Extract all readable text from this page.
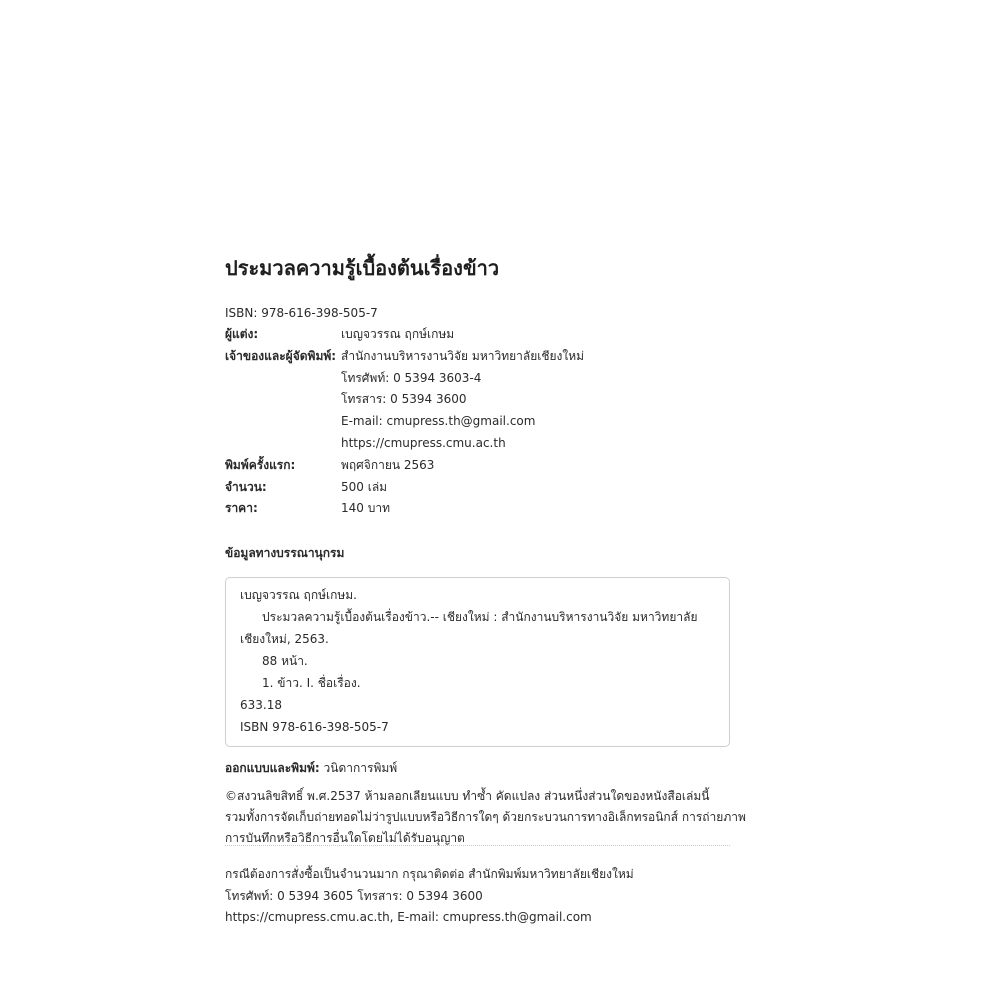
ประมวลความรู้เบื้องต้นเรื่องข้าว
ISBN: 978-616-398-505-7
ผู้แต่ง:	เบญจวรรณ ฤกษ์เกษม
เจ้าของและผู้จัดพิมพ์: สำนักงานบริหารงานวิจัย มหาวิทยาลัยเชียงใหม่
โทรศัพท์: 0 5394 3603-4
โทรสาร: 0 5394 3600
E-mail: cmupress.th@gmail.com
https://cmupress.cmu.ac.th
พิมพ์ครั้งแรก:	พฤศจิกายน 2563
จำนวน:	500 เล่ม
ราคา:	140 บาท
ข้อมูลทางบรรณานุกรม
เบญจวรรณ ฤกษ์เกษม.
ประมวลความรู้เบื้องต้นเรื่องข้าว.-- เชียงใหม่ : สำนักงานบริหารงานวิจัย มหาวิทยาลัย
เชียงใหม่, 2563.
88 หน้า.
1. ข้าว. I. ชื่อเรื่อง.
633.18
ISBN 978-616-398-505-7
ออกแบบและพิมพ์: วนิดาการพิมพ์
©สงวนลิขสิทธิ์ พ.ศ.2537 ห้ามลอกเลียนแบบ ทำซ้ำ คัดแปลง ส่วนหนึ่งส่วนใดของหนังสือเล่มนี้
รวมทั้งการจัดเก็บถ่ายทอดไม่ว่ารูปแบบหรือวิธีการใดๆ ด้วยกระบวนการทางอิเล็กทรอนิกส์ การถ่ายภาพ
การบันทึกหรือวิธีการอื่นใดโดยไม่ได้รับอนุญาต
กรณีต้องการสั่งซื้อเป็นจำนวนมาก กรุณาติดต่อ สำนักพิมพ์มหาวิทยาลัยเชียงใหม่
โทรศัพท์: 0 5394 3605 โทรสาร: 0 5394 3600
https://cmupress.cmu.ac.th, E-mail: cmupress.th@gmail.com
